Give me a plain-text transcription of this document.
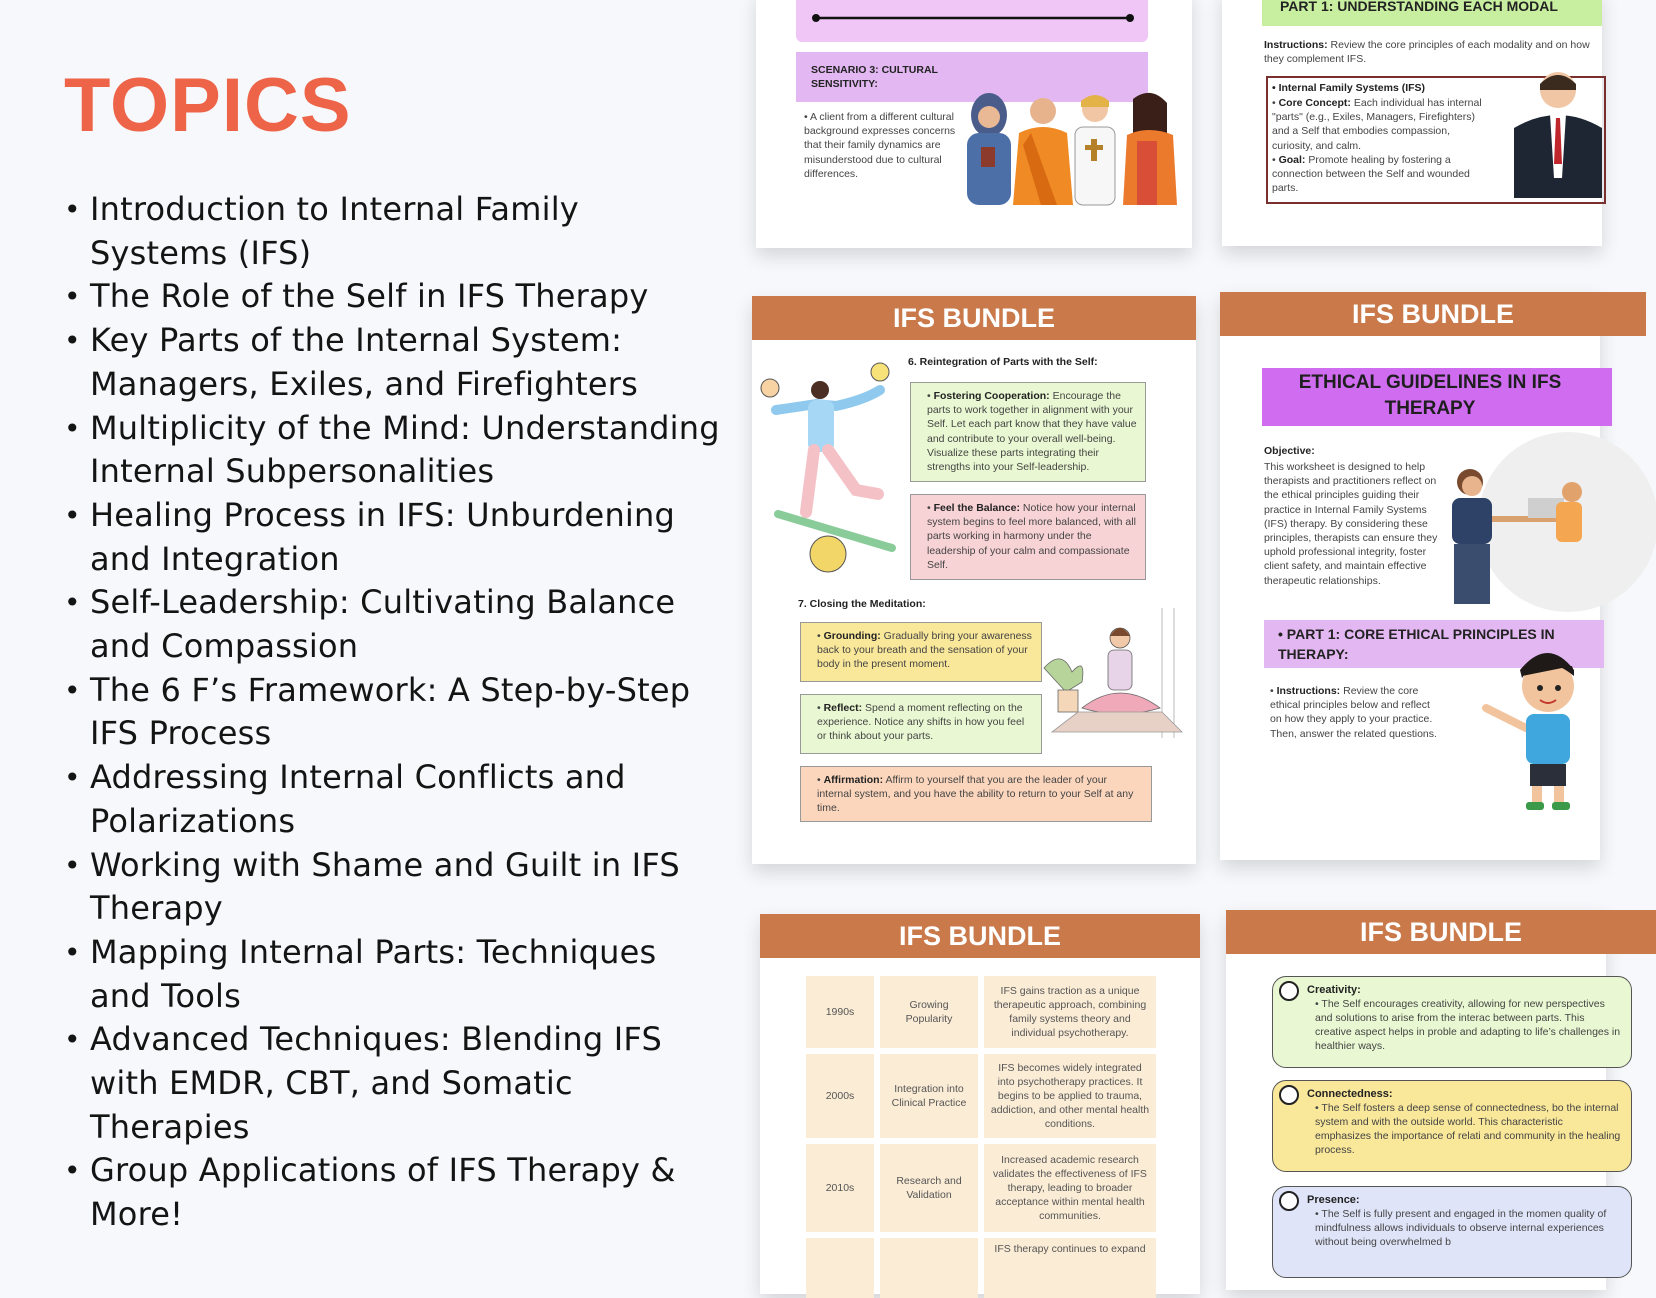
TOPICS
• Introduction to Internal Family Systems (IFS)
• The Role of the Self in IFS Therapy
• Key Parts of the Internal System: Managers, Exiles, and Firefighters
• Multiplicity of the Mind: Understanding Internal Subpersonalities
• Healing Process in IFS: Unburdening and Integration
• Self-Leadership: Cultivating Balance and Compassion
• The 6 F’s Framework: A Step-by-Step IFS Process
• Addressing Internal Conflicts and Polarizations
• Working with Shame and Guilt in IFS Therapy
• Mapping Internal Parts: Techniques and Tools
• Advanced Techniques: Blending IFS with EMDR, CBT, and Somatic Therapies
• Group Applications of IFS Therapy & More!
SCENARIO 3: CULTURAL SENSITIVITY:
• A client from a different cultural background expresses concerns that their family dynamics are misunderstood due to cultural differences.
PART 1: UNDERSTANDING EACH MODAL
Instructions: Review the core principles of each modality and on how they complement IFS.
• Internal Family Systems (IFS)
• Core Concept: Each individual has internal "parts" (e.g., Exiles, Managers, Firefighters) and a Self that embodies compassion, curiosity, and calm.
• Goal: Promote healing by fostering a connection between the Self and wounded parts.
IFS BUNDLE
6. Reintegration of Parts with the Self:
• Fostering Cooperation: Encourage the parts to work together in alignment with your Self. Let each part know that they have value and contribute to your overall well-being. Visualize these parts integrating their strengths into your Self-leadership.
• Feel the Balance: Notice how your internal system begins to feel more balanced, with all parts working in harmony under the leadership of your calm and compassionate Self.
7. Closing the Meditation:
• Grounding: Gradually bring your awareness back to your breath and the sensation of your body in the present moment.
• Reflect: Spend a moment reflecting on the experience. Notice any shifts in how you feel or think about your parts.
• Affirmation: Affirm to yourself that you are the leader of your internal system, and you have the ability to return to your Self at any time.
IFS BUNDLE
ETHICAL GUIDELINES IN IFS THERAPY
Objective:
This worksheet is designed to help therapists and practitioners reflect on the ethical principles guiding their practice in Internal Family Systems (IFS) therapy. By considering these principles, therapists can ensure they uphold professional integrity, foster client safety, and maintain effective therapeutic relationships.
• PART 1: CORE ETHICAL PRINCIPLES IN THERAPY:
• Instructions: Review the core ethical principles below and reflect on how they apply to your practice. Then, answer the related questions.
IFS BUNDLE
1990s
Growing Popularity
IFS gains traction as a unique therapeutic approach, combining family systems theory and individual psychotherapy.
2000s
Integration into Clinical Practice
IFS becomes widely integrated into psychotherapy practices. It begins to be applied to trauma, addiction, and other mental health conditions.
2010s
Research and Validation
Increased academic research validates the effectiveness of IFS therapy, leading to broader acceptance within mental health communities.
IFS therapy continues to expand
IFS BUNDLE
Creativity:
• The Self encourages creativity, allowing for new perspectives and solutions to arise from the interac between parts. This creative aspect helps in proble and adapting to life’s challenges in healthier ways.
Connectedness:
• The Self fosters a deep sense of connectedness, bo the internal system and with the outside world. This characteristic emphasizes the importance of relati and community in the healing process.
Presence:
• The Self is fully present and engaged in the momen quality of mindfulness allows individuals to observe internal experiences without being overwhelmed b
